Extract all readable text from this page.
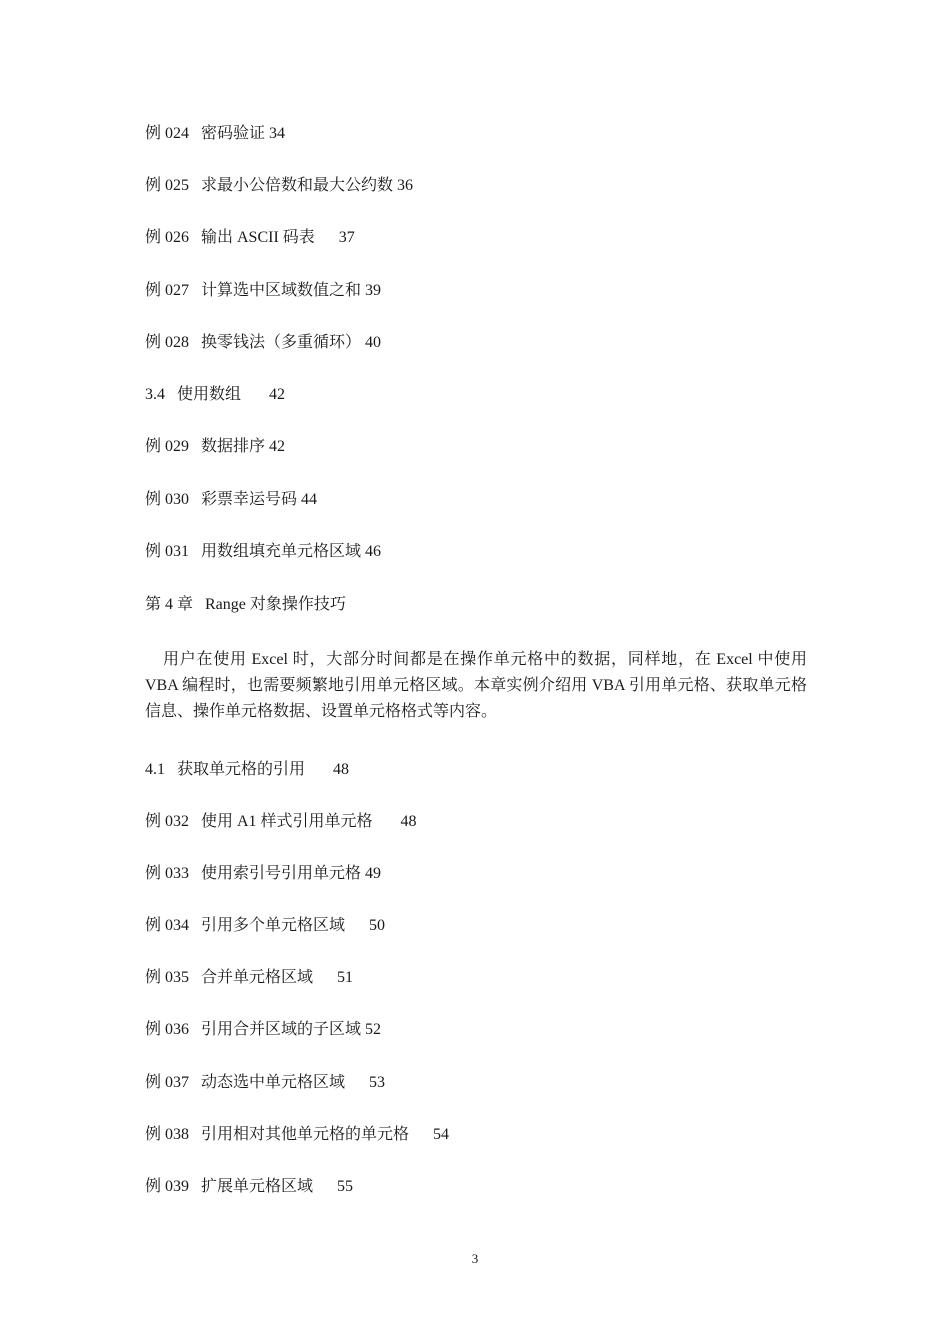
例 024   密码验证 34
例 025   求最小公倍数和最大公约数 36
例 026   输出 ASCII 码表      37
例 027   计算选中区域数值之和 39
例 028   换零钱法（多重循环） 40
3.4   使用数组       42
例 029   数据排序 42
例 030   彩票幸运号码 44
例 031   用数组填充单元格区域 46
第 4 章   Range 对象操作技巧
用户在使用 Excel 时，大部分时间都是在操作单元格中的数据，同样地，在 Excel 中使用 VBA 编程时，也需要频繁地引用单元格区域。本章实例介绍用 VBA 引用单元格、获取单元格信息、操作单元格数据、设置单元格格式等内容。
4.1   获取单元格的引用       48
例 032   使用 A1 样式引用单元格       48
例 033   使用索引号引用单元格 49
例 034   引用多个单元格区域      50
例 035   合并单元格区域      51
例 036   引用合并区域的子区域 52
例 037   动态选中单元格区域      53
例 038   引用相对其他单元格的单元格      54
例 039   扩展单元格区域      55
3
